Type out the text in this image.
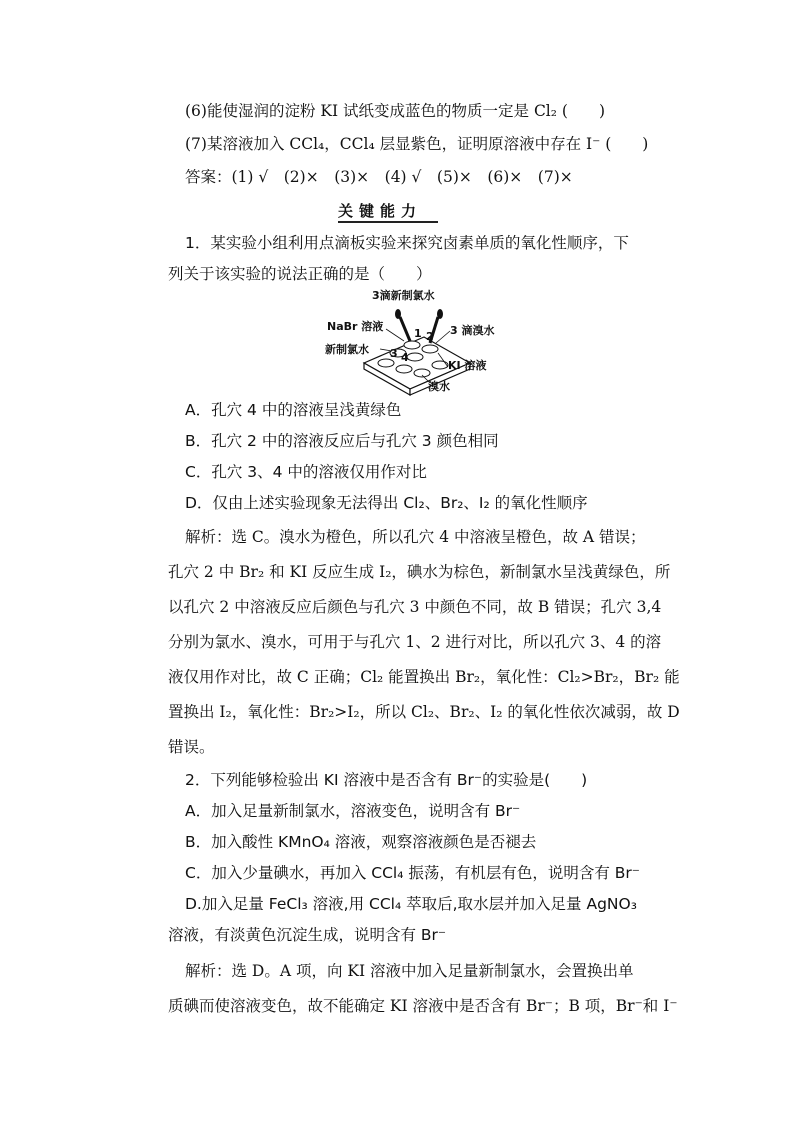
(6)能使湿润的淀粉 KI 试纸变成蓝色的物质一定是 Cl₂ (　　)
(7)某溶液加入 CCl₄，CCl₄ 层显紫色，证明原溶液中存在 I⁻ (　　)
答案：(1) √　(2)×　(3)×　(4) √　(5)×　(6)×　(7)×
关键能力
1．某实验小组利用点滴板实验来探究卤素单质的氧化性顺序，下
列关于该实验的说法正确的是（　　）
3滴新制氯水
NaBr 溶液	3 滴溴水
新制氯水
KI 溶液
溴水
1 2
3 4
A．孔穴 4 中的溶液呈浅黄绿色
B．孔穴 2 中的溶液反应后与孔穴 3 颜色相同
C．孔穴 3、4 中的溶液仅用作对比
D．仅由上述实验现象无法得出 Cl₂、Br₂、I₂ 的氧化性顺序
解析：选 C。溴水为橙色，所以孔穴 4 中溶液呈橙色，故 A 错误；
孔穴 2 中 Br₂ 和 KI 反应生成 I₂，碘水为棕色，新制氯水呈浅黄绿色，所
以孔穴 2 中溶液反应后颜色与孔穴 3 中颜色不同，故 B 错误；孔穴 3,4
分别为氯水、溴水，可用于与孔穴 1、2 进行对比，所以孔穴 3、4 的溶
液仅用作对比，故 C 正确；Cl₂ 能置换出 Br₂，氧化性：Cl₂>Br₂，Br₂ 能
置换出 I₂，氧化性：Br₂>I₂，所以 Cl₂、Br₂、I₂ 的氧化性依次减弱，故 D
错误。
2．下列能够检验出 KI 溶液中是否含有 Br⁻的实验是(　　)
A．加入足量新制氯水，溶液变色，说明含有 Br⁻
B．加入酸性 KMnO₄ 溶液，观察溶液颜色是否褪去
C．加入少量碘水，再加入 CCl₄ 振荡，有机层有色，说明含有 Br⁻
D.加入足量 FeCl₃ 溶液,用 CCl₄ 萃取后,取水层并加入足量 AgNO₃
溶液，有淡黄色沉淀生成，说明含有 Br⁻
解析：选 D。A 项，向 KI 溶液中加入足量新制氯水，会置换出单
质碘而使溶液变色，故不能确定 KI 溶液中是否含有 Br⁻；B 项，Br⁻和 I⁻
